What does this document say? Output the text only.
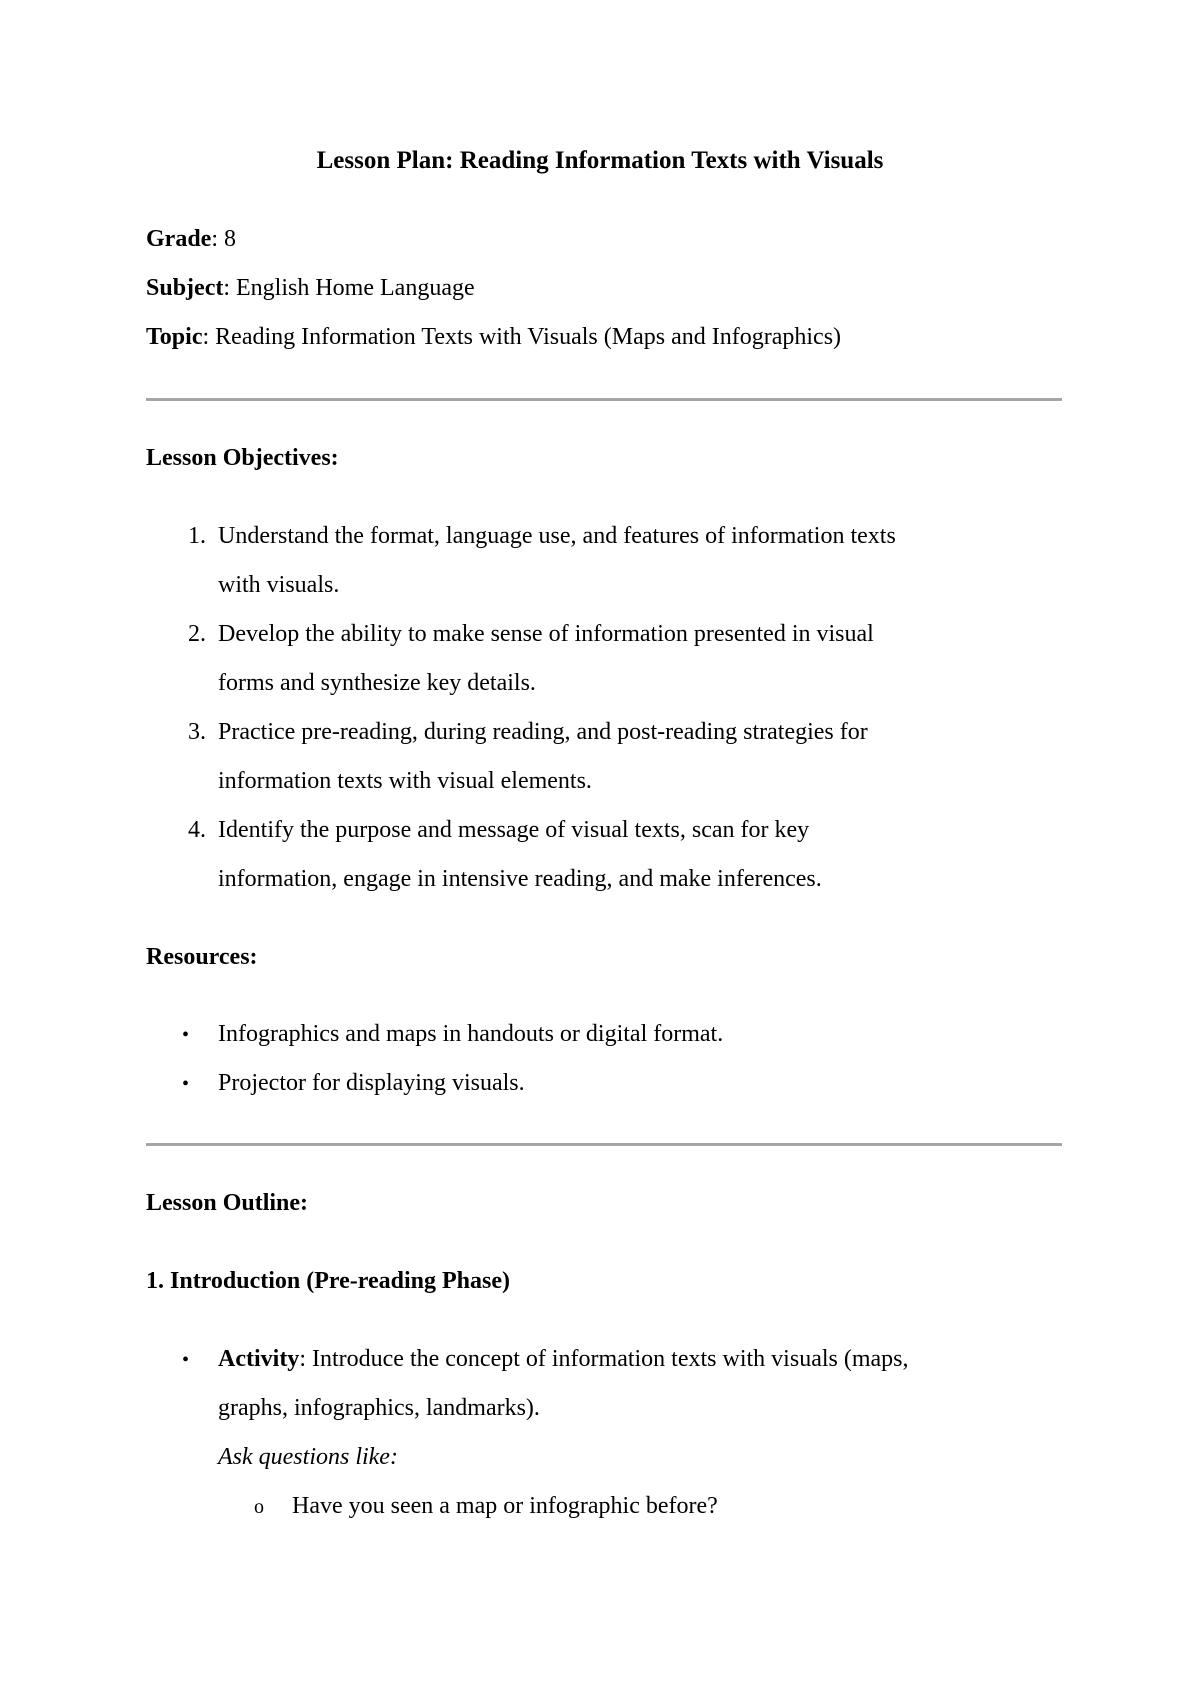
Lesson Plan: Reading Information Texts with Visuals
Grade: 8
Subject: English Home Language
Topic: Reading Information Texts with Visuals (Maps and Infographics)
Lesson Objectives:
1. Understand the format, language use, and features of information texts
with visuals.
2. Develop the ability to make sense of information presented in visual
forms and synthesize key details.
3. Practice pre-reading, during reading, and post-reading strategies for
information texts with visual elements.
4. Identify the purpose and message of visual texts, scan for key
information, engage in intensive reading, and make inferences.
Resources:
• Infographics and maps in handouts or digital format.
• Projector for displaying visuals.
Lesson Outline:
1. Introduction (Pre-reading Phase)
• Activity: Introduce the concept of information texts with visuals (maps,
graphs, infographics, landmarks).
Ask questions like:
o Have you seen a map or infographic before?
